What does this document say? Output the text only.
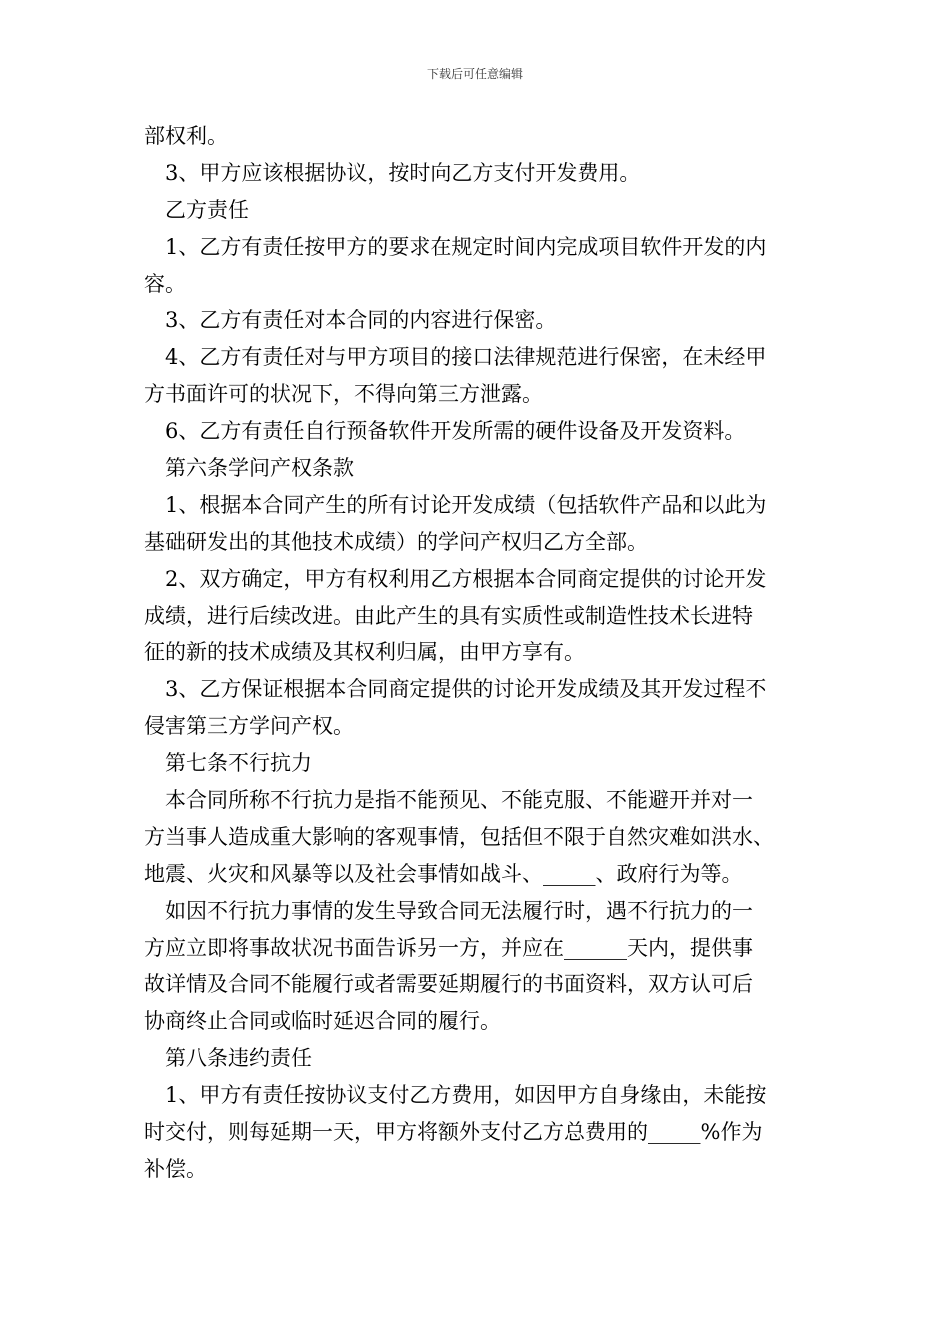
下载后可任意编辑
部权利。
3、甲方应该根据协议，按时向乙方支付开发费用。
乙方责任
1、乙方有责任按甲方的要求在规定时间内完成项目软件开发的内
容。
3、乙方有责任对本合同的内容进行保密。
4、乙方有责任对与甲方项目的接口法律规范进行保密，在未经甲
方书面许可的状况下，不得向第三方泄露。
6、乙方有责任自行预备软件开发所需的硬件设备及开发资料。
第六条学问产权条款
1、根据本合同产生的所有讨论开发成绩（包括软件产品和以此为
基础研发出的其他技术成绩）的学问产权归乙方全部。
2、双方确定，甲方有权利用乙方根据本合同商定提供的讨论开发
成绩，进行后续改进。由此产生的具有实质性或制造性技术长进特
征的新的技术成绩及其权利归属，由甲方享有。
3、乙方保证根据本合同商定提供的讨论开发成绩及其开发过程不
侵害第三方学问产权。
第七条不行抗力
本合同所称不行抗力是指不能预见、不能克服、不能避开并对一
方当事人造成重大影响的客观事情，包括但不限于自然灾难如洪水、
地震、火灾和风暴等以及社会事情如战斗、_____、政府行为等。
如因不行抗力事情的发生导致合同无法履行时，遇不行抗力的一
方应立即将事故状况书面告诉另一方，并应在______天内，提供事
故详情及合同不能履行或者需要延期履行的书面资料，双方认可后
协商终止合同或临时延迟合同的履行。
第八条违约责任
1、甲方有责任按协议支付乙方费用，如因甲方自身缘由，未能按
时交付，则每延期一天，甲方将额外支付乙方总费用的_____%作为
补偿。
